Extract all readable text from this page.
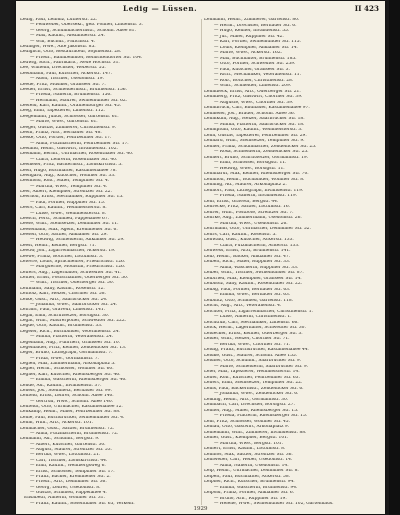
Ledig — Lüssen.	II 423
Ledig, Paul, Leibniz, Lutherstr. 22.
— Feldwebel, Obersekr., geb. Föllner, Lindenstr. 3.
— Georg, Schuhmachermstr., Schönh. Allee 81.
— Max, Kaufm., Alexanderstr. 24.
— Will, Buchdr., Fidicinstr. 4.
Ledinger, Wwe., Alte Jakobstr. 85.
Lediglich, Otto, Restaurateur, Sophienstr. 28.
— Friedr., Bahnbeamter, Reinickendorfer Str. 104.
Ledwig, Rich., Fabrikarb., Neue Hochstr. 31.
Lee, Wilhelm, Drechsler, Weberstr. 55.
Leebmann, Paul, Kutscher, Ackerstr. 147.
— Adolf, Tischler, Usedomstr. 19.
Leede, Fritz, Musiker, Granseer Str. 7.
Leeder, Ernst, Schneidermstr., Brunnenstr. 156.
— Frieda, Näherin, Brunnenstr. 156.
— Hermann, Maurer, Swinemünder Str. 62.
Leefeld, Karl, Kaufm., Oranienburger Str. 45.
Leeg, Emil, Tapezierer, Linienstr. 112.
Leegemann, Julius, Schlosser, Gartenstr. 61.
— Marie, Wwe., Gartenstr. 61.
Leeger, Gustav, Zimmerer, Christinenstr. 9.
Leehr, Franz, Arb., Bernauer Str. 48.
Leeke, Otto, Portier, Fehrbelliner Str. 17.
— Anna, Putzmacherin, Fehrbelliner Str. 17.
Leeland, Heinr., Gastwirt, Invalidenstr. 102.
Leemann, Bernh., Uhrmacher, Rosenthaler Str. 40.
— Clara, Lehrerin, Rosenthaler Str. 40.
Leemeier, Fritz, Bäckermstr., Zionskirchstr. 5.
Leen, Hugo, Buchhalter, Kastanienallee 78.
Leengard, Aug., Kutscher, Wolliner Str. 33.
Leenhold, Rob., Maler, Templiner Str. 4.
— Martha, Wwe., Templiner Str. 4.
Leer, Albert, Klempner, Strelitzer Str. 22.
Leerhoff, Ernst, Mechaniker, Ruppiner Str. 15.
— Paul, Former, Ruppiner Str. 15.
Leers, Carl, Kaufm., Weinmeisterstr. 8.
— Luise, Wwe., Weinmeisterstr. 8.
Leesch, Ferd., Schmied, Pappelallee 67.
Leese, Wilh., Steinsetzer, Demminer Str. 11.
Leesemann, Max, Agent, Kremmener Str. 6.
Leesen, Otto, Sattler, Anklamer Str. 29.
— Hedwig, Schneiderin, Anklamer Str. 29.
Leest, Heinr., Kellner, Bergstr. 71.
Leeuw, Joh., Zigarrenmacher, Ackerstr. 19.
Leewe, Franz, Böttcher, Lottumstr. 3.
Lefevre, Louis, Sprachlehrer, Friedrichstr. 126.
— Marguerite, Modistin, Friedrichstr. 126.
Leffers, Aug., Lagerhalter, Schwedter Str. 41.
Leffler, Ernst, Postschaffner, Oderberger Str. 50.
— Wilh., Tischler, Oderberger Str. 50.
Leffmann, Sally, Kaufm., Rosenstr. 12.
Lefholz, Karl, Heizer, Choriner Str. 58.
Lefke, Gust., Arb., Saarbrücker Str. 24.
— Johanna, Wwe., Saarbrücker Str. 24.
Lefranc, Paul, Graveur, Linienstr. 141.
Legal, Emil, Schriftsetzer, Borsigstr. 30.
Legat, Wilh., Maurerpolier, Schwedter Str. 222.
Legde, Otto, Kaufm., Brunnenstr. 33.
Legeler, Rich., Buchbinder, Veteranenstr. 24.
— Minna, Plätterin, Veteranenstr. 24.
Legemann, Aug., Fuhrherr, Granseer Str. 10.
Legenbauer, Fritz, Kellner, Zehdenicker Str. 13.
Leger, Bruno, Lithograph, Gormannstr. 7.
— Frida, Wwe., Gormannstr. 7.
Legien, Max, Zimmermann, Arkonaplatz 5.
Legler, Herm., Schlosser, Wolliner Str. 60.
Legner, Karl, Kutscher, Rheinsberger Str. 46.
— Emma, Wäscherin, Rheinsberger Str. 46.
Lehde, Ad., Kaufm., Invalidenstr. 37.
Leheis, Jos., Steinmetz, Bernauer Str. 99.
Lehfeld, Ernst, Lehrer, Schönh. Allee 140.
— Gertrud, Wwe., Schönh. Allee 140.
Lehfeldt, Otto, Uhrmacher, Kastanienallee 12.
Lehkamp, Heinr., Maler, Fehrbelliner Str. 88.
Lehle, Paul, Buchdrucker, Swinemünder Str. 4.
Lehm, Wilh., Arb., Ackerstr. 101.
Lehmacher, Gust., Sattler, Brunnenstr. 72.
— Anna, Putzmacherin, Brunnenstr. 72.
Lehmann, Ad., Schuhm., Bergstr. 9.
— Albert, Kutscher, Gartenstr. 30.
— August, Maurer, Strelitzer Str. 53.
— Bertha, Wwe., Lottumstr. 21.
— Carl, Tischler, Zionskirchstr. 44.
— Emil, Kaufm., Weinbergsweg 6.
— Ernst, Schlosser, Templiner Str. 17.
— Franz, Bäcker, Kremmener Str. 2.
— Friedr., Arb., Demminer Str. 36.
— Georg, Lehrer, Usedomstr. 8.
— Gustav, Schmied, Pappelallee 4.
Elisabeth, Näherin, Wolliner Str. 31.
— Franz, Kaufm., Rosenthaler Str. 65, Verkehr.
Lehmann, Heinr., Zimmerer, Gartenstr. 80.
— Herm., Drechsler, Bernauer Str. 6.
— Hugo, Kellner, Invalidenstr. 55.
— Jul., Maler, Ruppiner Str. 42.
— Karl, Portier, Swinemünder Str. 115.
— Louis, Klempner, Anklamer Str. 14.
— Marie, Wwe., Ackerstr. 162.
— Max, Buchhalter, Brunnenstr. 185.
— Otto, Former, Schwedter Str. 259.
— Paul, Kutscher, Granseer Str. 3.
— Rich., Mechaniker, Veteranenstr. 11.
— Rob., Böttcher, Christinenstr. 28.
— Wilh., Schneider, Linienstr. 209.
Lehmbeck, Ernst, Arb., Oderberger Str. 21.
Lehmberg, Fritz, Gastwirt, Choriner Str. 39.
— Auguste, Wwe., Choriner Str. 39.
Lehmbruck, Carl, Bildhauer, Kastanienallee 97.
Lehmeier, Jos., Brauer, Schönh. Allee 36.
Lehmkuhl, Aug., Heizer, Saarbrücker Str. 18.
— Minna, Plätterin, Saarbrücker Str. 18.
Lehmpfuhl, Otto, Kaufm., Weinmeisterstr. 3.
Lehn, Gustav, Tapezierer, Fehrbelliner Str. 29.
Lehnard, Wilh., Steinsetzer, Templiner Str. 9.
Lehner, Franz, Schuhmacher, Zehdenicker Str. 25.
— Rosa, Schneiderin, Zehdenicker Str. 25.
Lehnert, Bruno, Schriftsetzer, Gormannstr. 19.
— Emil, Schlosser, Borsigstr. 11.
— Hedwig, Wwe., Borsigstr. 11.
Lehnhardt, Max, Kellner, Rheinsberger Str. 70.
Lehnhoff, Heinr., Buchbinder, Wolliner Str. 8.
Lehning, Ad., Maurer, Arkonaplatz 2.
Lehnort, Paul, Lithograph, Invalidenstr. 119.
— Frieda, Näherin, Invalidenstr. 119.
Lehr, Ernst, Graveur, Bergstr. 44.
Lehrecke, Fritz, Sattler, Lottumstr. 16.
Lehrer, Wilh., Postbote, Strelitzer Str. 7.
Lehrke, Aug., Zimmermann, Usedomstr. 26.
— Martha, Wwe., Usedomstr. 26.
Lehrmann, Otto, Uhrmacher, Demminer Str. 52.
Lehrs, Carl, Kaufm., Rosenstr. 5.
Lehwald, Gust., Kutscher, Ackerstr. 133.
— Clara, Putzmacherin, Ackerstr. 133.
Lehwess, Ernst, Arzt, Brunnenstr. 141.
Leib, Heinr., Bäcker, Anklamer Str. 47.
Leibelt, Rich., Maler, Ruppiner Str. 33.
— Anna, Wäscherin, Ruppiner Str. 33.
Leiber, Wilh., Tischler, Swinemünder Str. 87.
Leibfried, Max, Klempner, Granseer Str. 14.
Leibholz, Sally, Kaufm., Rosenthaler Str. 22.
Leibig, Paul, Former, Bernauer Str. 63.
— Emma, Wwe., Bernauer Str. 63.
Leibnitz, Otto, Schmied, Gartenstr. 118.
Leicht, Aug., Arb., Veteranenstr. 4.
Leichter, Fritz, Zigarrenmacher, Christinenstr. 1.
— Luise, Näherin, Christinenstr. 1.
Leichtfuß, Carl, Mechaniker, Linienstr. 66.
Leick, Herm., Lagerhalter, Schwedter Str. 30.
Leidecker, Ernst, Kellner, Oderberger Str. 3.
Leider, Wilh., Heizer, Choriner Str. 71.
— Bertha, Wwe., Choriner Str. 71.
Leidig, Franz, Buchdrucker, Kastanienallee 44.
Leidke, Gust., Maurer, Schönh. Allee 155.
Leidner, Otto, Schuhm., Saarbrücker Str. 9.
— Marie, Schneiderin, Saarbrücker Str. 9.
Leier, Max, Tapezierer, Weinmeisterstr. 14.
Leifer, Rob., Kutscher, Fehrbelliner Str. 63.
Leifert, Emil, Steinsetzer, Templiner Str. 22.
Leihs, Paul, Bäckermstr., Zehdenicker Str. 6.
— Johanna, Wwe., Zehdenicker Str. 6.
Leiking, Heinr., Arb., Gormannstr. 30.
Leimbach, Carl, Drechsler, Borsigstr. 27.
Leimer, Aug., Maler, Rheinsberger Str. 15.
— Frieda, Plätterin, Rheinsberger Str. 15.
Lein, Fritz, Schlosser, Wolliner Str. 45.
Leinau, Otto, Gastwirt, Arkonaplatz 9.
Leinemann, Wilh., Zimmerer, Invalidenstr. 88.
Leiner, Gust., Klempner, Bergstr. 101.
— Martha, Wwe., Bergstr. 101.
Leinert, Ernst, Kaufm., Lottumstr. 8.
Leinhos, Max, Sattler, Strelitzer Str. 36.
Leinweber, Carl, Weber, Usedomstr. 14.
— Anna, Näherin, Usedomstr. 14.
Leip, Heinr., Uhrmacher, Demminer Str. 8.
Leipelt, Paul, Buchhalter, Ackerstr. 58.
Leipner, Rich., Kutscher, Brunnenstr. 94.
— Emma, Wäscherin, Brunnenstr. 94.
Leipold, Franz, Former, Anklamer Str. 6.
— Bruno, Arb., Ruppiner Str. 19.
— Helene, Wwe., Swinemünder Str. 102, Gartenhaus.
1929
